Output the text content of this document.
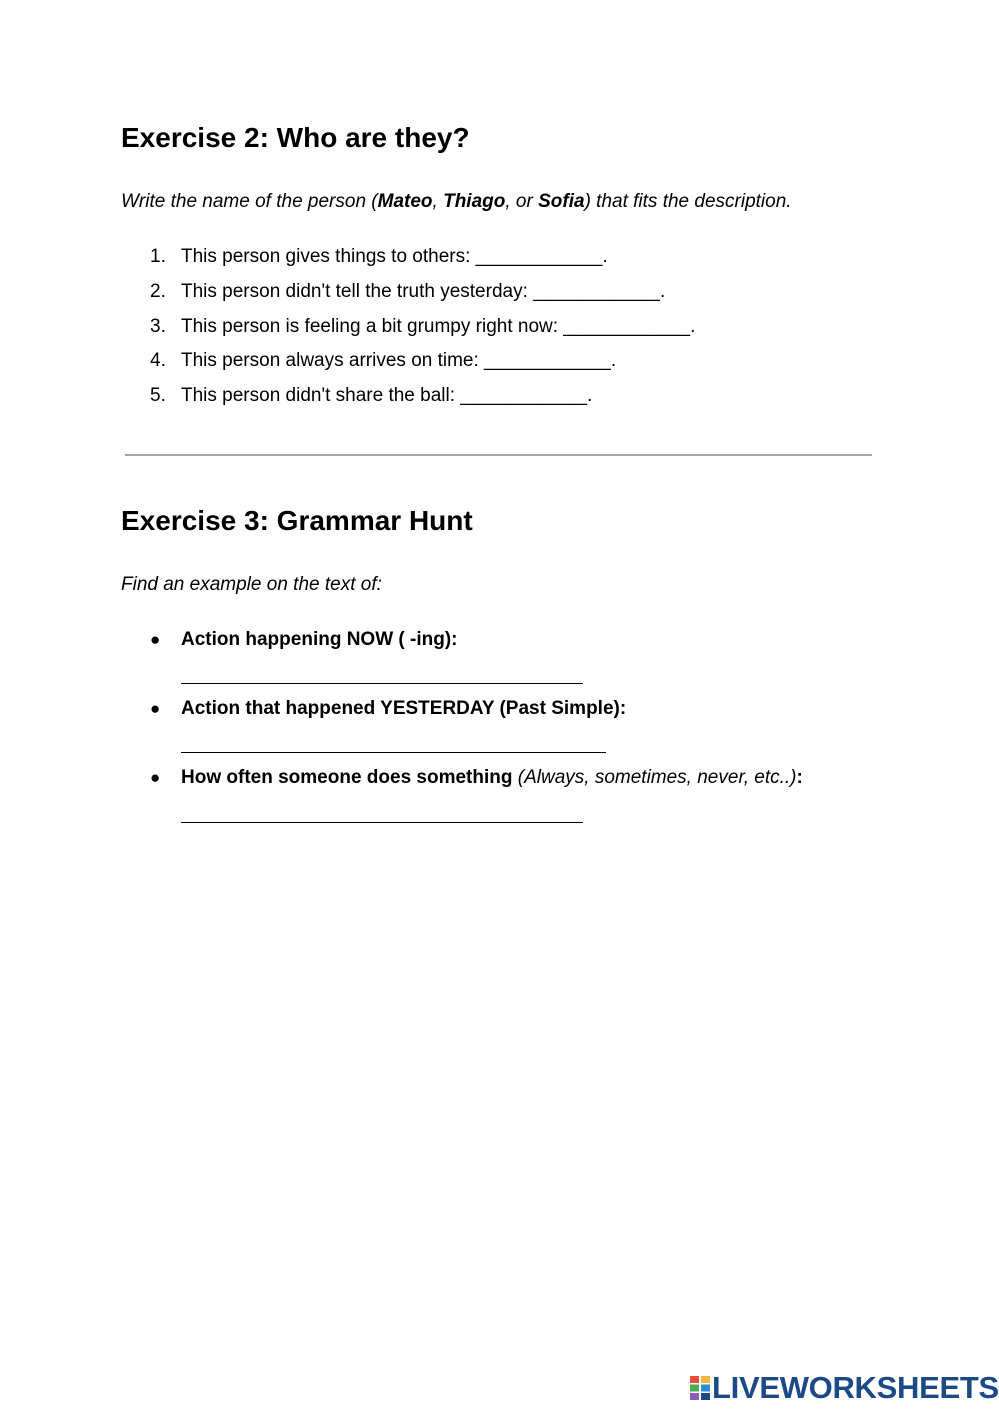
Exercise 2: Who are they?

Write the name of the person (Mateo, Thiago, or Sofia) that fits the description.

1. This person gives things to others: ____________.
2. This person didn't tell the truth yesterday: ____________.
3. This person is feeling a bit grumpy right now: ____________.
4. This person always arrives on time: ____________.
5. This person didn't share the ball: ____________.
Exercise 3: Grammar Hunt

Find an example on the text of:

● Action happening NOW ( -ing):
● Action that happened YESTERDAY (Past Simple):
● How often someone does something (Always, sometimes, never, etc..):
LIVEWORKSHEETS
